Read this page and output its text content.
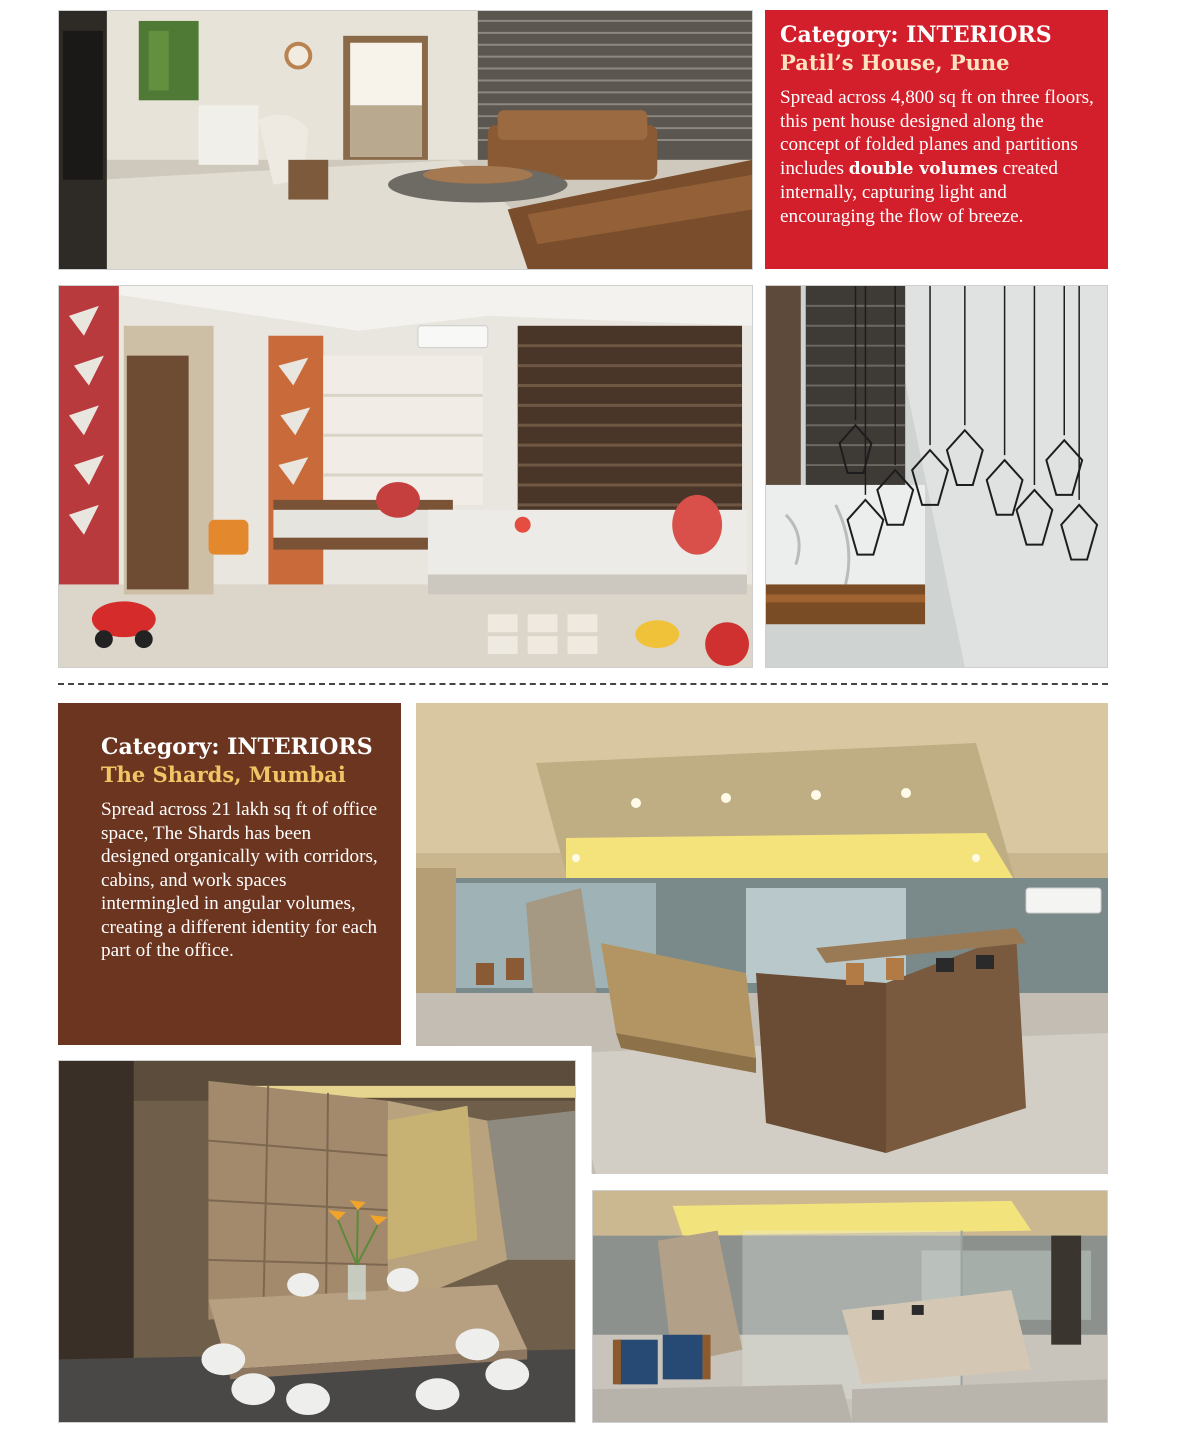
Category: INTERIORS
Patil’s House, Pune

Spread across 4,800 sq ft on three floors, this pent house designed along the concept of folded planes and partitions includes double volumes created internally, capturing light and encouraging the flow of breeze.

Category: INTERIORS
The Shards, Mumbai

Spread across 21 lakh sq ft of office space, The Shards has been designed organically with corridors, cabins, and work spaces intermingled in angular volumes, creating a different identity for each part of the office.
